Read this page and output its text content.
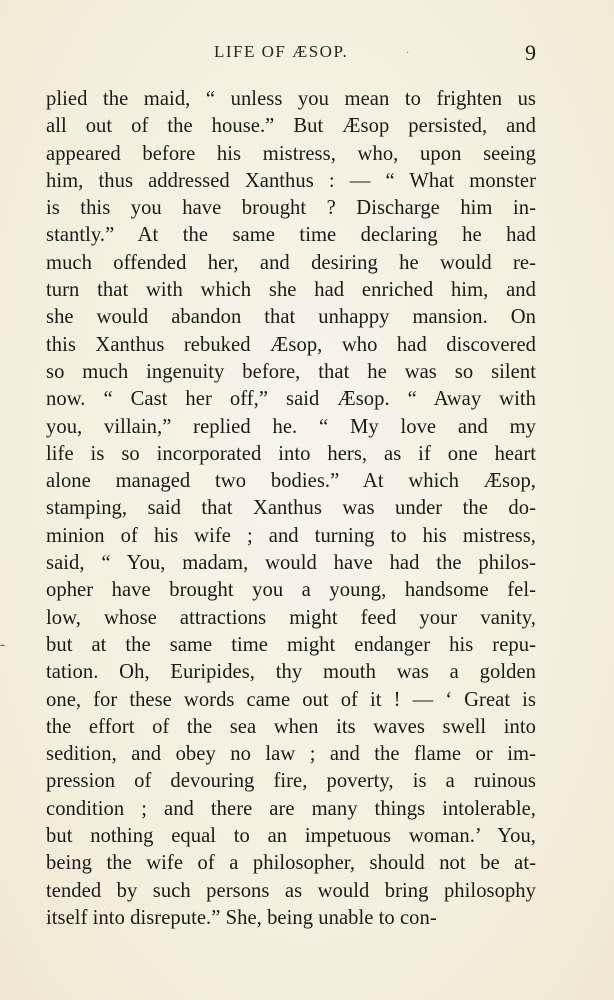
LIFE OF ÆSOP.	9
·
-
plied the maid, “ unless you mean to frighten us
all out of the house.” But Æsop persisted, and
appeared before his mistress, who, upon seeing
him, thus addressed Xanthus : — “ What monster
is this you have brought ? Discharge him in-
stantly.” At the same time declaring he had
much offended her, and desiring he would re-
turn that with which she had enriched him, and
she would abandon that unhappy mansion. On
this Xanthus rebuked Æsop, who had discovered
so much ingenuity before, that he was so silent
now. “ Cast her off,” said Æsop. “ Away with
you, villain,” replied he. “ My love and my
life is so incorporated into hers, as if one heart
alone managed two bodies.” At which Æsop,
stamping, said that Xanthus was under the do-
minion of his wife ; and turning to his mistress,
said, “ You, madam, would have had the philos-
opher have brought you a young, handsome fel-
low, whose attractions might feed your vanity,
but at the same time might endanger his repu-
tation. Oh, Euripides, thy mouth was a golden
one, for these words came out of it ! — ‘ Great is
the effort of the sea when its waves swell into
sedition, and obey no law ; and the flame or im-
pression of devouring fire, poverty, is a ruinous
condition ; and there are many things intolerable,
but nothing equal to an impetuous woman.’ You,
being the wife of a philosopher, should not be at-
tended by such persons as would bring philosophy
itself into disrepute.” She, being unable to con-
